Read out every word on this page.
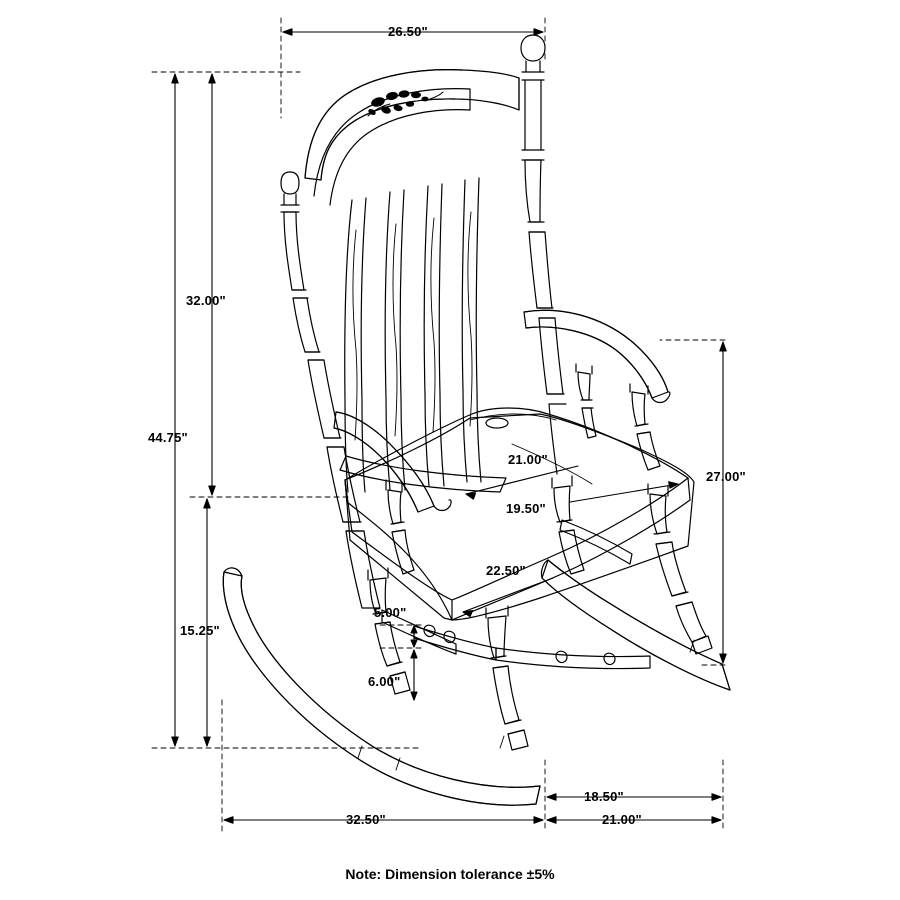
26.50"
32.00"
44.75"
21.00"
27.00"
19.50"
22.50"
5.00"
15.25"
6.00"
18.50"
32.50"	21.00"
Note: Dimension tolerance ±5%
